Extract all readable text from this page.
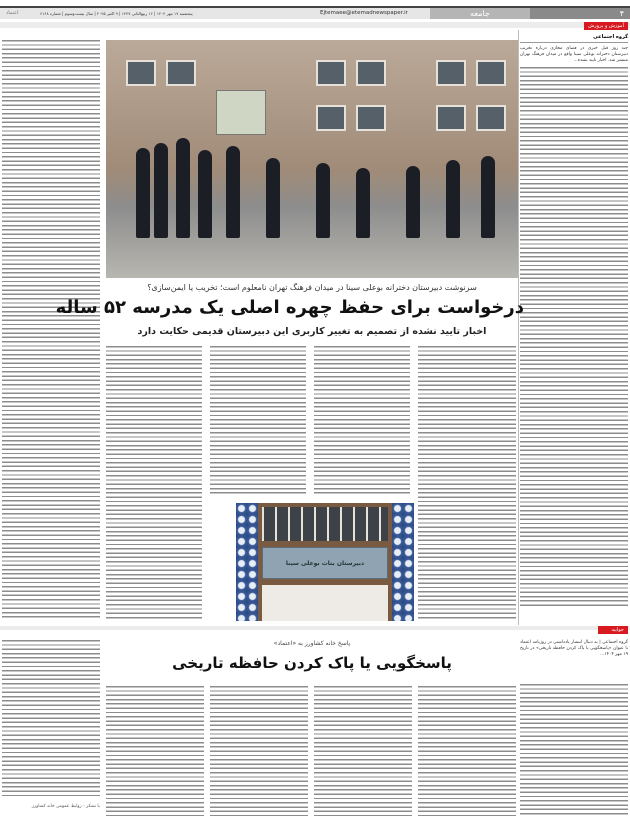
۴
جامعه
Ejtemaee@etemadnewspaper.ir
پنجشنبه ۱۷ مهر ۱۴۰۴ | ۱۶ ربیع‌الثانی ۱۴۴۷ | ۹ اکتبر ۲۰۲۵ | سال بیست‌وسوم | شماره ۶۱۶۸
اعتماد
آموزش و پرورش
گروه اجتماعی
چند روز قبل خبری در فضای مجازی درباره تخریب دبیرستان دخترانه بوعلی سینا واقع در میدان فرهنگ تهران منتشر شد. اخبار تایید نشده...
سرنوشت دبیرستان دخترانه بوعلی سینا در میدان فرهنگ تهران نامعلوم است؛ تخریب یا ایمن‌سازی؟
درخواست برای حفظ چهره اصلی یک مدرسه ۵۲ ساله
اخبار تایید نشده از تصمیم به تغییر کاربری این دبیرستان قدیمی حکایت دارد
دبیرستان بنات بوعلی سینا
جوابیه
گروه اجتماعی | به دنبال انتشار یادداشتی در روزنامه اعتماد با عنوان «پاسخگویی یا پاک کردن حافظه تاریخی» در تاریخ ۱۹ مهر ۱۴۰۴...
پاسخ خانه کشاورز به «اعتماد»
پاسخگویی یا پاک کردن حافظه تاریخی
با تشکر - روابط عمومی خانه کشاورز
